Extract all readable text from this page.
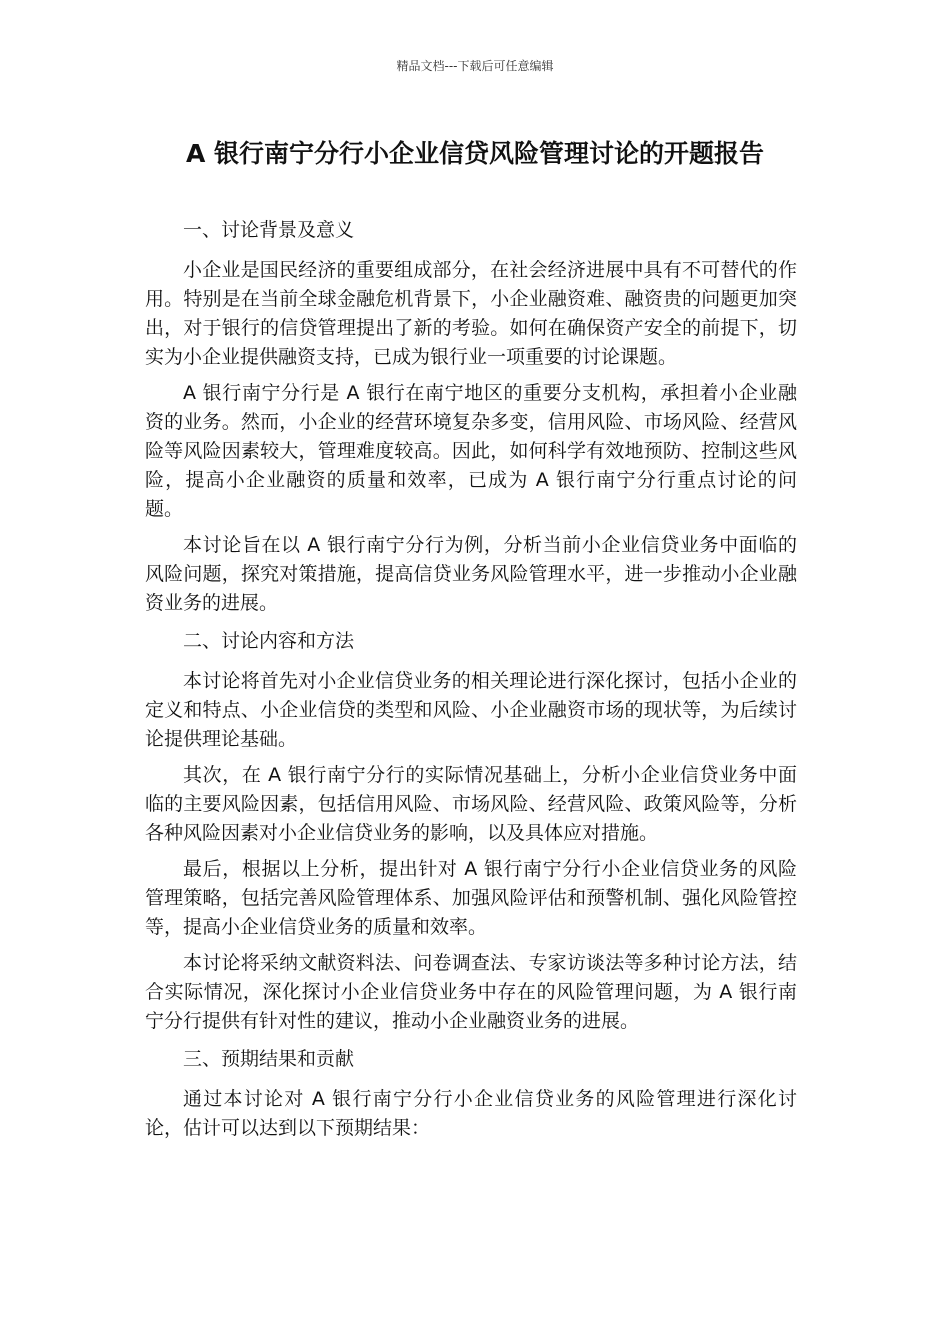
精品文档---下载后可任意编辑
A 银行南宁分行小企业信贷风险管理讨论的开题报告

一、讨论背景及意义

小企业是国民经济的重要组成部分，在社会经济进展中具有不可替代的作用。特别是在当前全球金融危机背景下，小企业融资难、融资贵的问题更加突出，对于银行的信贷管理提出了新的考验。如何在确保资产安全的前提下，切实为小企业提供融资支持，已成为银行业一项重要的讨论课题。

A 银行南宁分行是 A 银行在南宁地区的重要分支机构，承担着小企业融资的业务。然而，小企业的经营环境复杂多变，信用风险、市场风险、经营风险等风险因素较大，管理难度较高。因此，如何科学有效地预防、控制这些风险，提高小企业融资的质量和效率，已成为 A 银行南宁分行重点讨论的问题。

本讨论旨在以 A 银行南宁分行为例，分析当前小企业信贷业务中面临的风险问题，探究对策措施，提高信贷业务风险管理水平，进一步推动小企业融资业务的进展。

二、讨论内容和方法

本讨论将首先对小企业信贷业务的相关理论进行深化探讨，包括小企业的定义和特点、小企业信贷的类型和风险、小企业融资市场的现状等，为后续讨论提供理论基础。

其次，在 A 银行南宁分行的实际情况基础上，分析小企业信贷业务中面临的主要风险因素，包括信用风险、市场风险、经营风险、政策风险等，分析各种风险因素对小企业信贷业务的影响，以及具体应对措施。

最后，根据以上分析，提出针对 A 银行南宁分行小企业信贷业务的风险管理策略，包括完善风险管理体系、加强风险评估和预警机制、强化风险管控等，提高小企业信贷业务的质量和效率。

本讨论将采纳文献资料法、问卷调查法、专家访谈法等多种讨论方法，结合实际情况，深化探讨小企业信贷业务中存在的风险管理问题，为 A 银行南宁分行提供有针对性的建议，推动小企业融资业务的进展。

三、预期结果和贡献

通过本讨论对 A 银行南宁分行小企业信贷业务的风险管理进行深化讨论，估计可以达到以下预期结果：
